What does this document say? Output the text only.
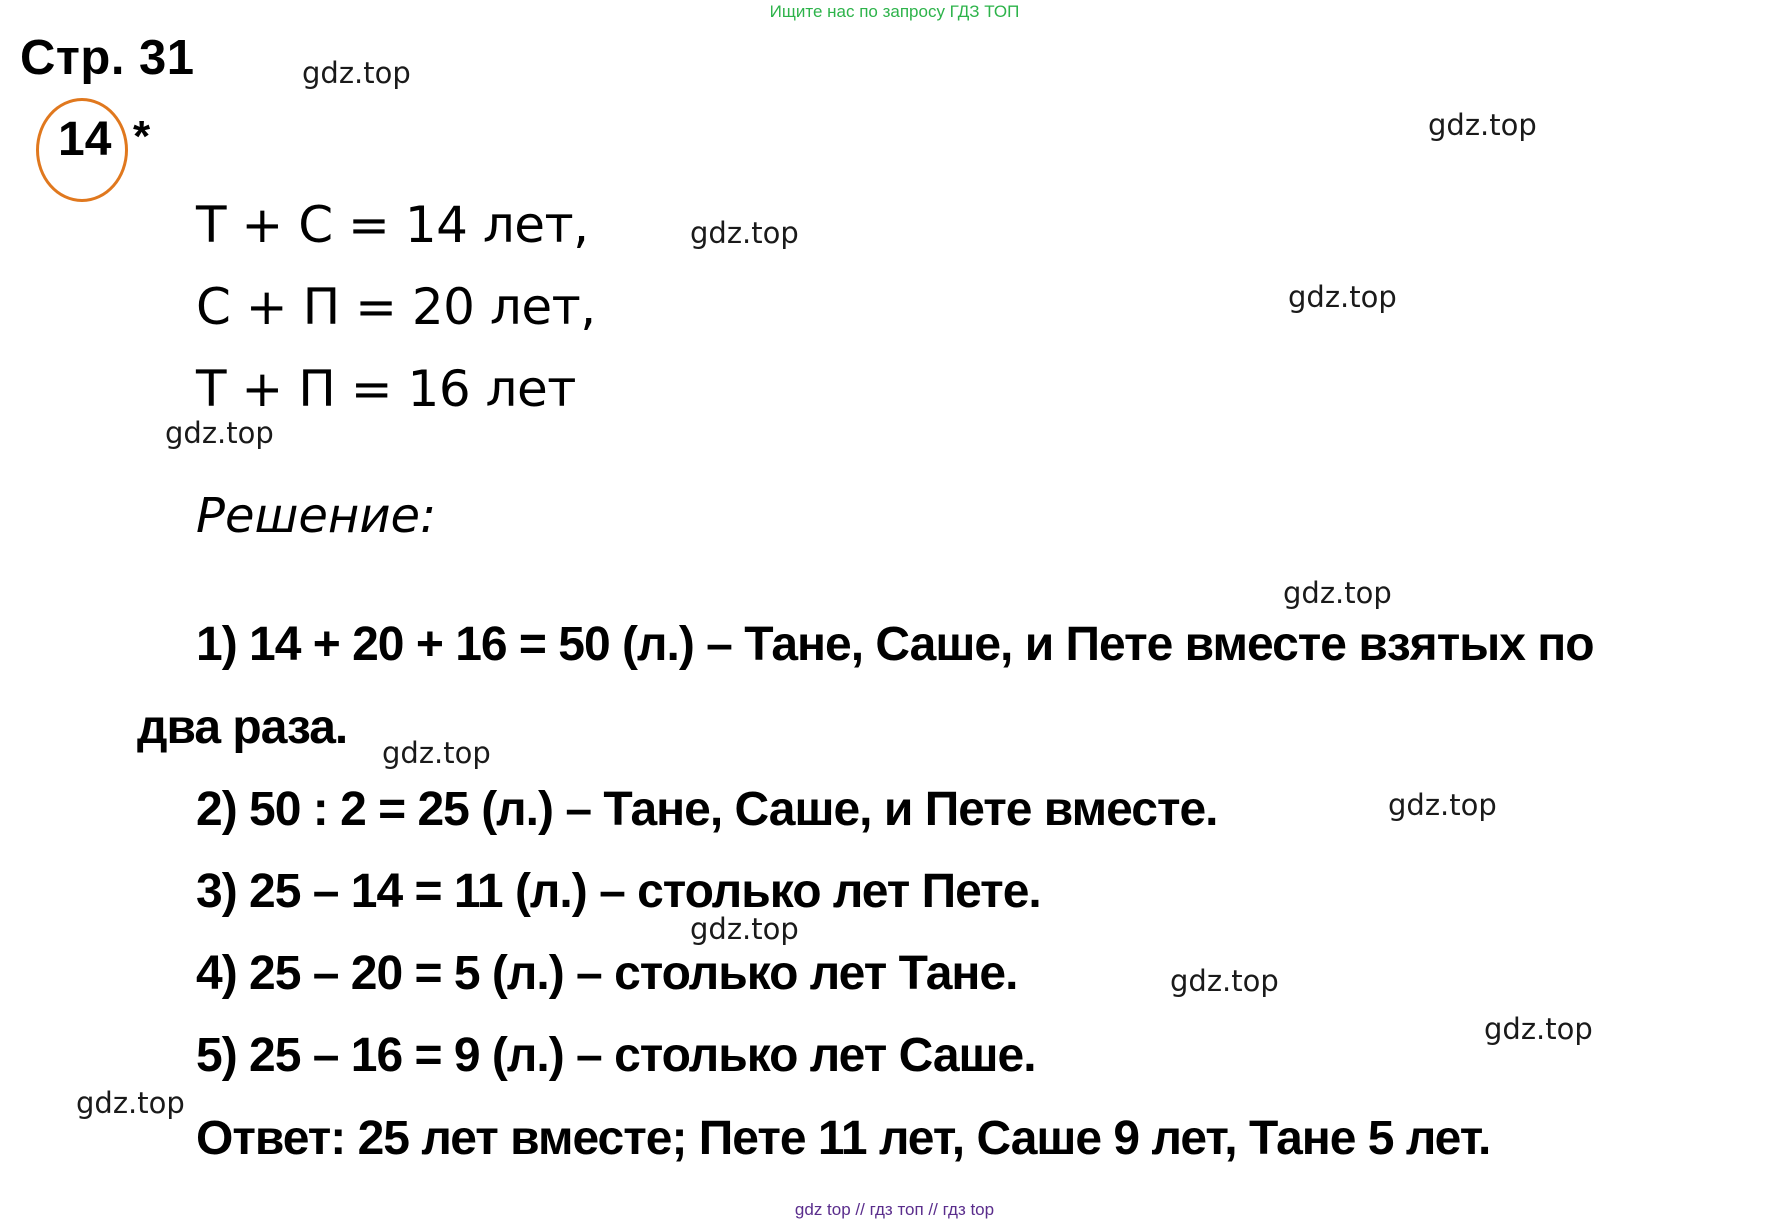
Ищите нас по запросу ГДЗ ТОП
Стр. 31
14 *
Т + С = 14 лет,
С + П = 20 лет,
Т + П = 16 лет
Решение:
1) 14 + 20 + 16 = 50 (л.) – Тане, Саше, и Пете вместе взятых по
два раза.
2) 50 : 2 = 25 (л.) – Тане, Саше, и Пете вместе.
3) 25 – 14 = 11 (л.) – столько лет Пете.
4) 25 – 20 = 5 (л.) – столько лет Тане.
5) 25 – 16 = 9 (л.) – столько лет Саше.
Ответ: 25 лет вместе; Пете 11 лет, Саше 9 лет, Тане 5 лет.
gdz.top
gdz.top
gdz.top
gdz.top
gdz.top
gdz.top
gdz.top
gdz.top
gdz.top
gdz.top
gdz.top
gdz.top
gdz top // гдз топ // гдз top
